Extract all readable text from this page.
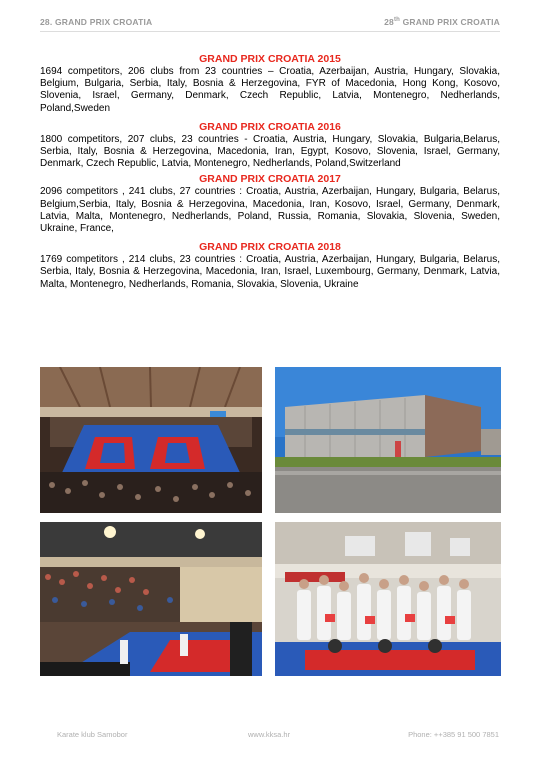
28. GRAND PRIX CROATIA	28th GRAND PRIX CROATIA

GRAND PRIX CROATIA 2015

1694 competitors, 206 clubs from 23 countries – Croatia, Azerbaijan, Austria, Hungary, Slovakia, Belgium, Bulgaria, Serbia, Italy, Bosnia & Herzegovina, FYR of Macedonia, Hong Kong, Kosovo, Slovenia, Israel, Germany, Denmark, Czech Republic, Latvia, Montenegro, Nedherlands, Poland,Sweden

GRAND PRIX CROATIA 2016

1800 competitors, 207 clubs, 23 countries - Croatia, Austria, Hungary, Slovakia, Bulgaria,Belarus, Serbia, Italy, Bosnia & Herzegovina, Macedonia, Iran, Egypt, Kosovo, Slovenia, Israel, Germany, Denmark, Czech Republic, Latvia, Montenegro, Nedherlands, Poland,Switzerland

GRAND PRIX CROATIA 2017

2096 competitors , 241 clubs, 27 countries : Croatia, Austria, Azerbaijan, Hungary, Bulgaria, Belarus, Belgium,Serbia, Italy, Bosnia & Herzegovina, Macedonia, Iran, Kosovo, Israel, Germany, Denmark, Latvia, Malta, Montenegro, Nedherlands, Poland, Russia, Romania, Slovakia, Slovenia, Sweden, Ukraine, France,

GRAND PRIX CROATIA 2018

1769 competitors , 214 clubs, 23 countries : Croatia, Austria, Azerbaijan, Hungary, Bulgaria, Belarus, Serbia, Italy, Bosnia & Herzegovina, Macedonia, Iran, Israel, Luxembourg, Germany, Denmark, Latvia, Malta, Montenegro, Nedherlands, Romania, Slovakia, Slovenia, Ukraine

Karate klub Samobor	www.kksa.hr	Phone: ++385 91 500 7851
